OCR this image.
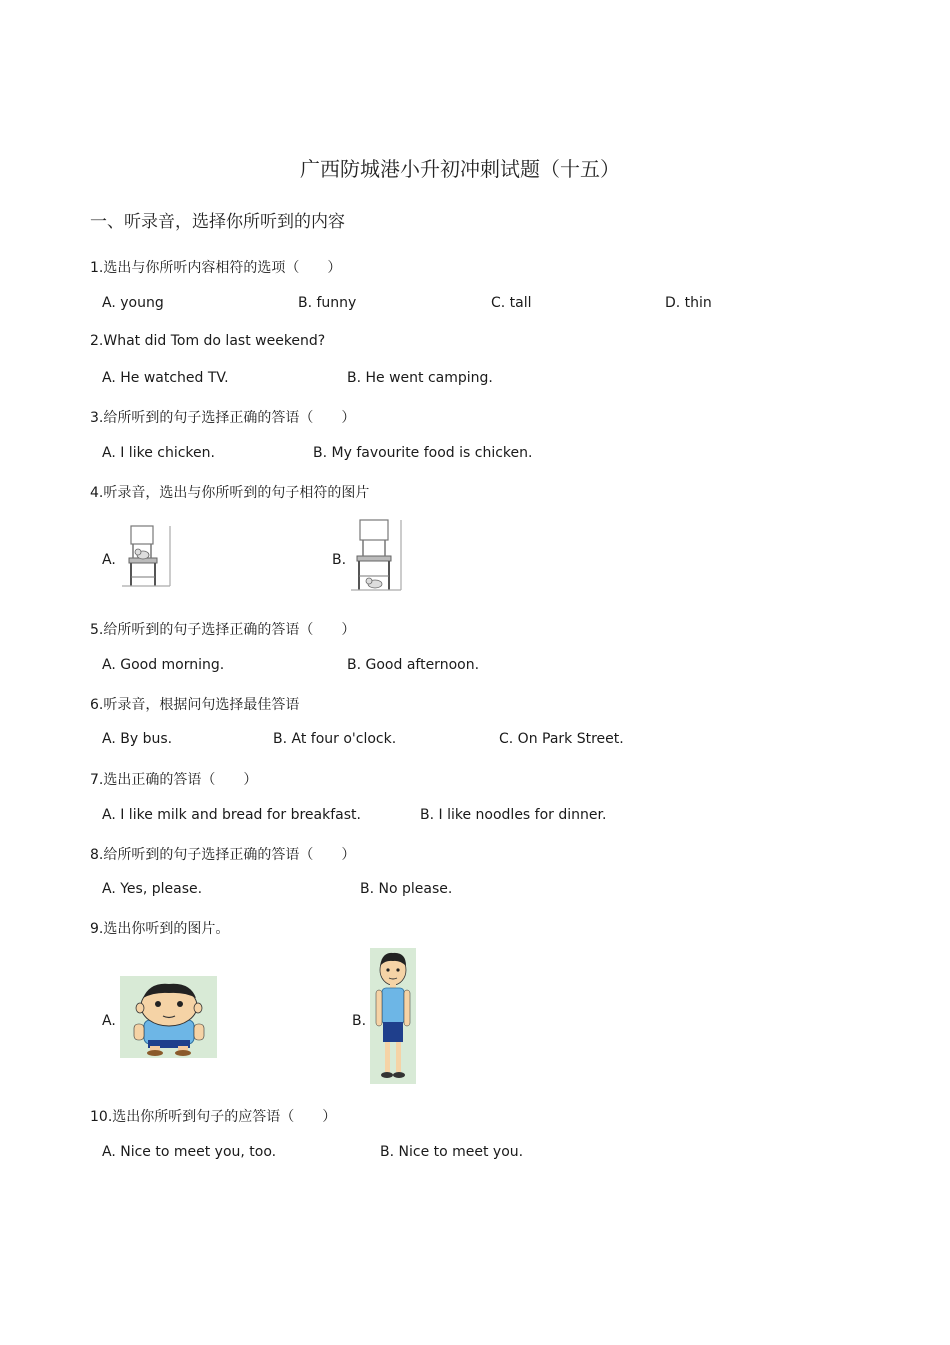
广西防城港小升初冲刺试题（十五）
一、听录音，选择你所听到的内容
1.选出与你所听内容相符的选项（　　）
A. young	B. funny	C. tall	D. thin
2.What did Tom do last weekend?
A. He watched TV.	B. He went camping.
3.给所听到的句子选择正确的答语（　　）
A. I like chicken.	B. My favourite food is chicken.
4.听录音，选出与你所听到的句子相符的图片
A.	B.
5.给所听到的句子选择正确的答语（　　）
A. Good morning.	B. Good afternoon.
6.听录音，根据问句选择最佳答语
A. By bus.	B. At four o'clock.	C. On Park Street.
7.选出正确的答语（　　）
A. I like milk and bread for breakfast.	B. I like noodles for dinner.
8.给所听到的句子选择正确的答语（　　）
A. Yes, please.	B. No please.
9.选出你听到的图片。
A.	B.
10.选出你所听到句子的应答语（　　）
A. Nice to meet you, too.	B. Nice to meet you.
